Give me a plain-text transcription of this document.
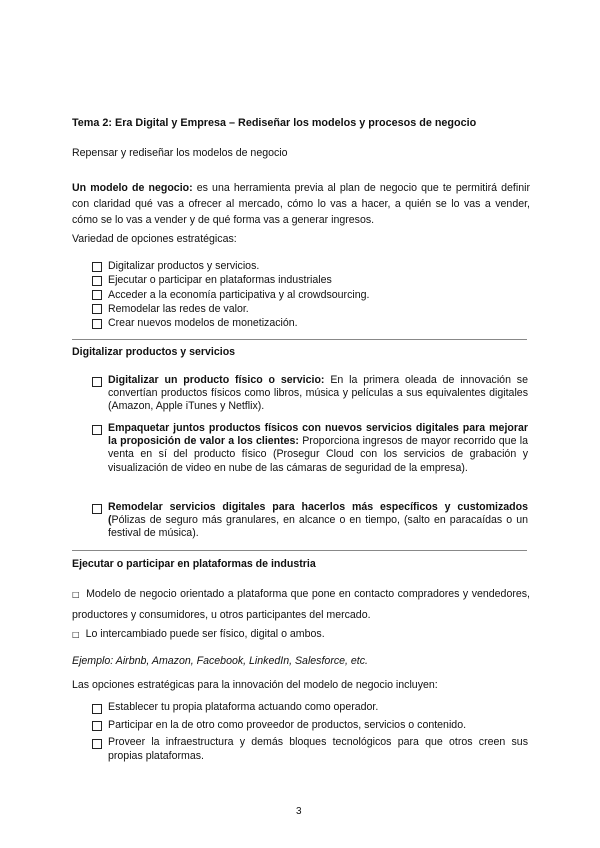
Tema 2: Era Digital y Empresa – Rediseñar los modelos y procesos de negocio
Repensar y rediseñar los modelos de negocio
Un modelo de negocio: es una herramienta previa al plan de negocio que te permitirá definir con claridad qué vas a ofrecer al mercado, cómo lo vas a hacer, a quién se lo vas a vender, cómo se lo vas a vender y de qué forma vas a generar ingresos.
Variedad de opciones estratégicas:
Digitalizar productos y servicios.
Ejecutar o participar en plataformas industriales
Acceder a la economía participativa y al crowdsourcing.
Remodelar las redes de valor.
Crear nuevos modelos de monetización.
Digitalizar productos y servicios
Digitalizar un producto físico o servicio: En la primera oleada de innovación se convertían productos físicos como libros, música y películas a sus equivalentes digitales (Amazon, Apple iTunes y Netflix).
Empaquetar juntos productos físicos con nuevos servicios digitales para mejorar la proposición de valor a los clientes: Proporciona ingresos de mayor recorrido que la venta en sí del producto físico (Prosegur Cloud con los servicios de grabación y visualización de video en nube de las cámaras de seguridad de la empresa).
Remodelar servicios digitales para hacerlos más específicos y customizados (Pólizas de seguro más granulares, en alcance o en tiempo, (salto en paracaídas o un festival de música).
Ejecutar o participar en plataformas de industria
□ Modelo de negocio orientado a plataforma que pone en contacto compradores y vendedores, productores y consumidores, u otros participantes del mercado.
□ Lo intercambiado puede ser físico, digital o ambos.
Ejemplo: Airbnb, Amazon, Facebook, LinkedIn, Salesforce, etc.
Las opciones estratégicas para la innovación del modelo de negocio incluyen:
Establecer tu propia plataforma actuando como operador.
Participar en la de otro como proveedor de productos, servicios o contenido.
Proveer la infraestructura y demás bloques tecnológicos para que otros creen sus propias plataformas.
3
